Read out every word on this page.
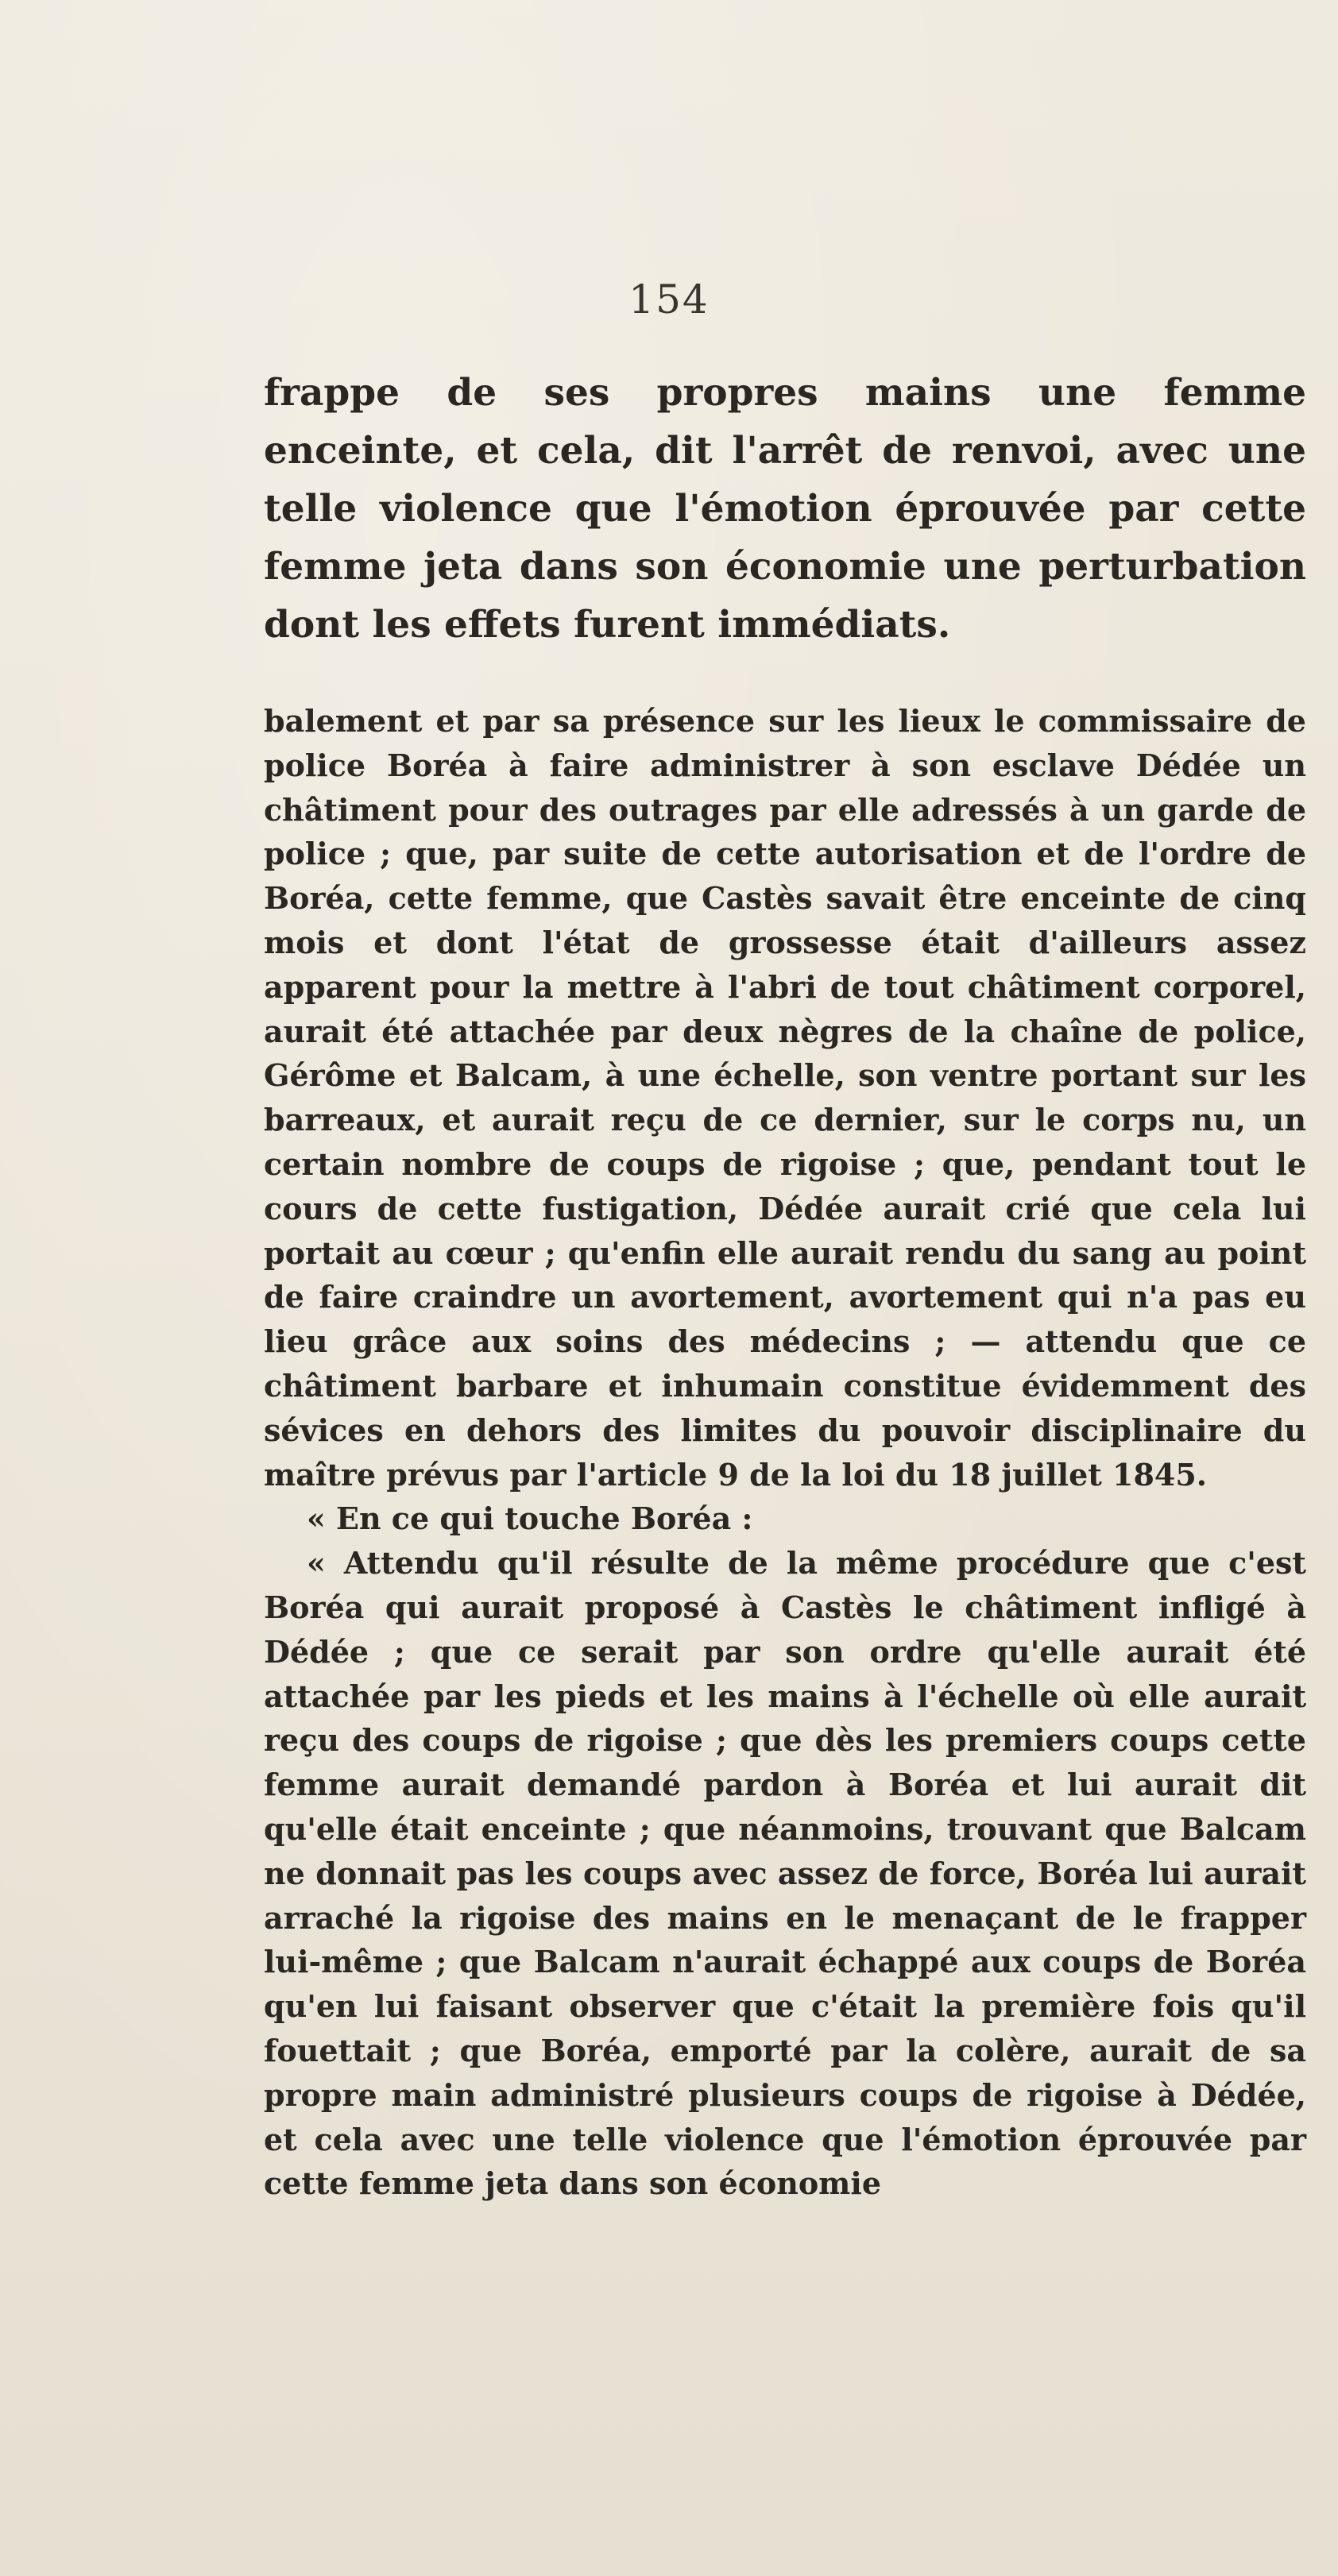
154

frappe de ses propres mains une femme enceinte, et cela, dit l'arrêt de renvoi, avec une telle violence que l'émotion éprouvée par cette femme jeta dans son économie une perturbation dont les effets furent immédiats.

balement et par sa présence sur les lieux le commissaire de police Boréa à faire administrer à son esclave Dédée un châtiment pour des outrages par elle adressés à un garde de police ; que, par suite de cette autorisation et de l'ordre de Boréa, cette femme, que Castès savait être enceinte de cinq mois et dont l'état de grossesse était d'ailleurs assez apparent pour la mettre à l'abri de tout châtiment corporel, aurait été attachée par deux nègres de la chaîne de police, Gérôme et Balcam, à une échelle, son ventre portant sur les barreaux, et aurait reçu de ce dernier, sur le corps nu, un certain nombre de coups de rigoise ; que, pendant tout le cours de cette fustigation, Dédée aurait crié que cela lui portait au cœur ; qu'enfin elle aurait rendu du sang au point de faire craindre un avortement, avortement qui n'a pas eu lieu grâce aux soins des médecins ; — attendu que ce châtiment barbare et inhumain constitue évidemment des sévices en dehors des limites du pouvoir disciplinaire du maître prévus par l'article 9 de la loi du 18 juillet 1845.

« En ce qui touche Boréa :

« Attendu qu'il résulte de la même procédure que c'est Boréa qui aurait proposé à Castès le châtiment infligé à Dédée ; que ce serait par son ordre qu'elle aurait été attachée par les pieds et les mains à l'échelle où elle aurait reçu des coups de rigoise ; que dès les premiers coups cette femme aurait demandé pardon à Boréa et lui aurait dit qu'elle était enceinte ; que néanmoins, trouvant que Balcam ne donnait pas les coups avec assez de force, Boréa lui aurait arraché la rigoise des mains en le menaçant de le frapper lui-même ; que Balcam n'aurait échappé aux coups de Boréa qu'en lui faisant observer que c'était la première fois qu'il fouettait ; que Boréa, emporté par la colère, aurait de sa propre main administré plusieurs coups de rigoise à Dédée, et cela avec une telle violence que l'émotion éprouvée par cette femme jeta dans son économie
